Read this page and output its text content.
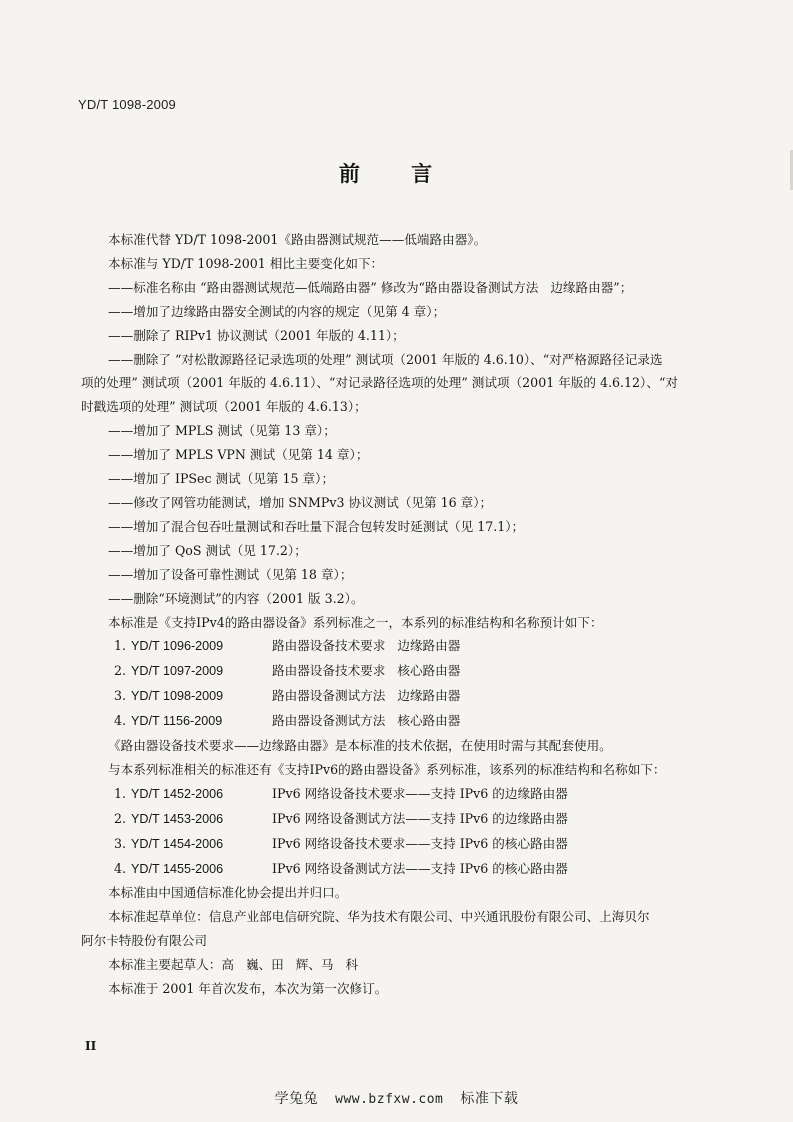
YD/T 1098-2009
前 言

本标准代替 YD/T 1098-2001《路由器测试规范——低端路由器》。

本标准与 YD/T 1098-2001 相比主要变化如下：

——标准名称由 “路由器测试规范—低端路由器” 修改为“路由器设备测试方法   边缘路由器”；

——增加了边缘路由器安全测试的内容的规定（见第 4 章）；

——删除了 RIPv1 协议测试（2001 年版的 4.11）；

——删除了 “对松散源路径记录选项的处理” 测试项（2001 年版的 4.6.10）、“对严格源路径记录选

项的处理” 测试项（2001 年版的 4.6.11）、“对记录路径选项的处理” 测试项（2001 年版的 4.6.12）、“对

时戳选项的处理” 测试项（2001 年版的 4.6.13）；

——增加了 MPLS 测试（见第 13 章）；

——增加了 MPLS VPN 测试（见第 14 章）；

——增加了 IPSec 测试（见第 15 章）；

——修改了网管功能测试，增加 SNMPv3 协议测试（见第 16 章）；

——增加了混合包吞吐量测试和吞吐量下混合包转发时延测试（见 17.1）；

——增加了 QoS 测试（见 17.2）；

——增加了设备可靠性测试（见第 18 章）；

——删除“环境测试”的内容（2001 版 3.2）。

本标准是《支持IPv4的路由器设备》系列标准之一，本系列的标准结构和名称预计如下：

1. YD/T 1096-2009	路由器设备技术要求   边缘路由器

2. YD/T 1097-2009	路由器设备技术要求   核心路由器

3. YD/T 1098-2009	路由器设备测试方法   边缘路由器

4. YD/T 1156-2009	路由器设备测试方法   核心路由器

《路由器设备技术要求——边缘路由器》是本标准的技术依据，在使用时需与其配套使用。

与本系列标准相关的标准还有《支持IPv6的路由器设备》系列标准，该系列的标准结构和名称如下：

1. YD/T 1452-2006	IPv6 网络设备技术要求——支持 IPv6 的边缘路由器

2. YD/T 1453-2006	IPv6 网络设备测试方法——支持 IPv6 的边缘路由器

3. YD/T 1454-2006	IPv6 网络设备技术要求——支持 IPv6 的核心路由器

4. YD/T 1455-2006	IPv6 网络设备测试方法——支持 IPv6 的核心路由器

本标准由中国通信标准化协会提出并归口。

本标准起草单位：信息产业部电信研究院、华为技术有限公司、中兴通讯股份有限公司、上海贝尔

阿尔卡特股份有限公司

本标准主要起草人：高   巍、田   辉、马   科

本标准于 2001 年首次发布，本次为第一次修订。

II
学兔兔 www.bzfxw.com 标准下载
